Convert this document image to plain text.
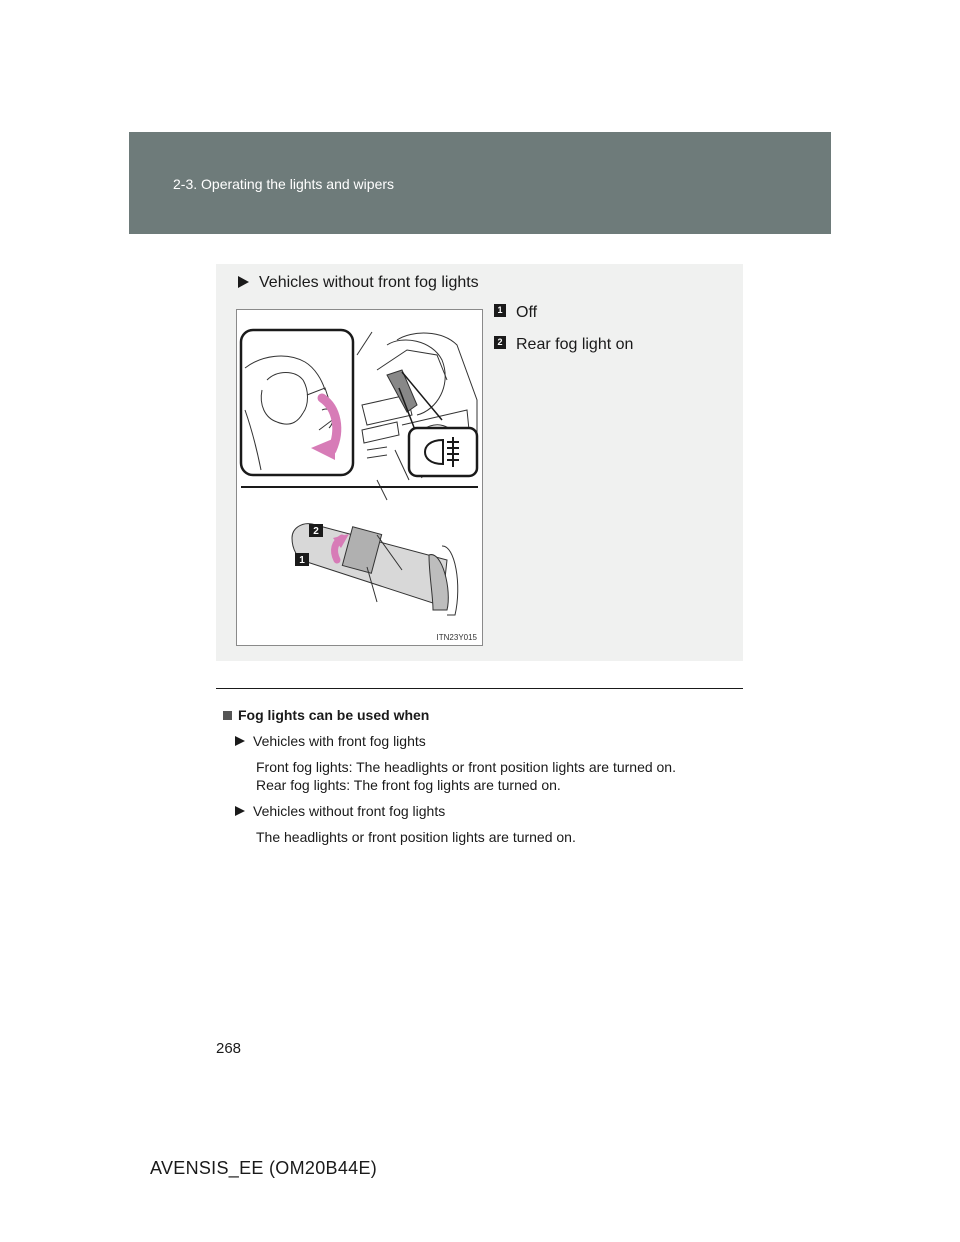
2-3. Operating the lights and wipers
Vehicles without front fog lights
2
1
ITN23Y015
1 Off
2 Rear fog light on
Fog lights can be used when
Vehicles with front fog lights
Front fog lights: The headlights or front position lights are turned on.
Rear fog lights: The front fog lights are turned on.
Vehicles without front fog lights
The headlights or front position lights are turned on.
268
AVENSIS_EE (OM20B44E)
